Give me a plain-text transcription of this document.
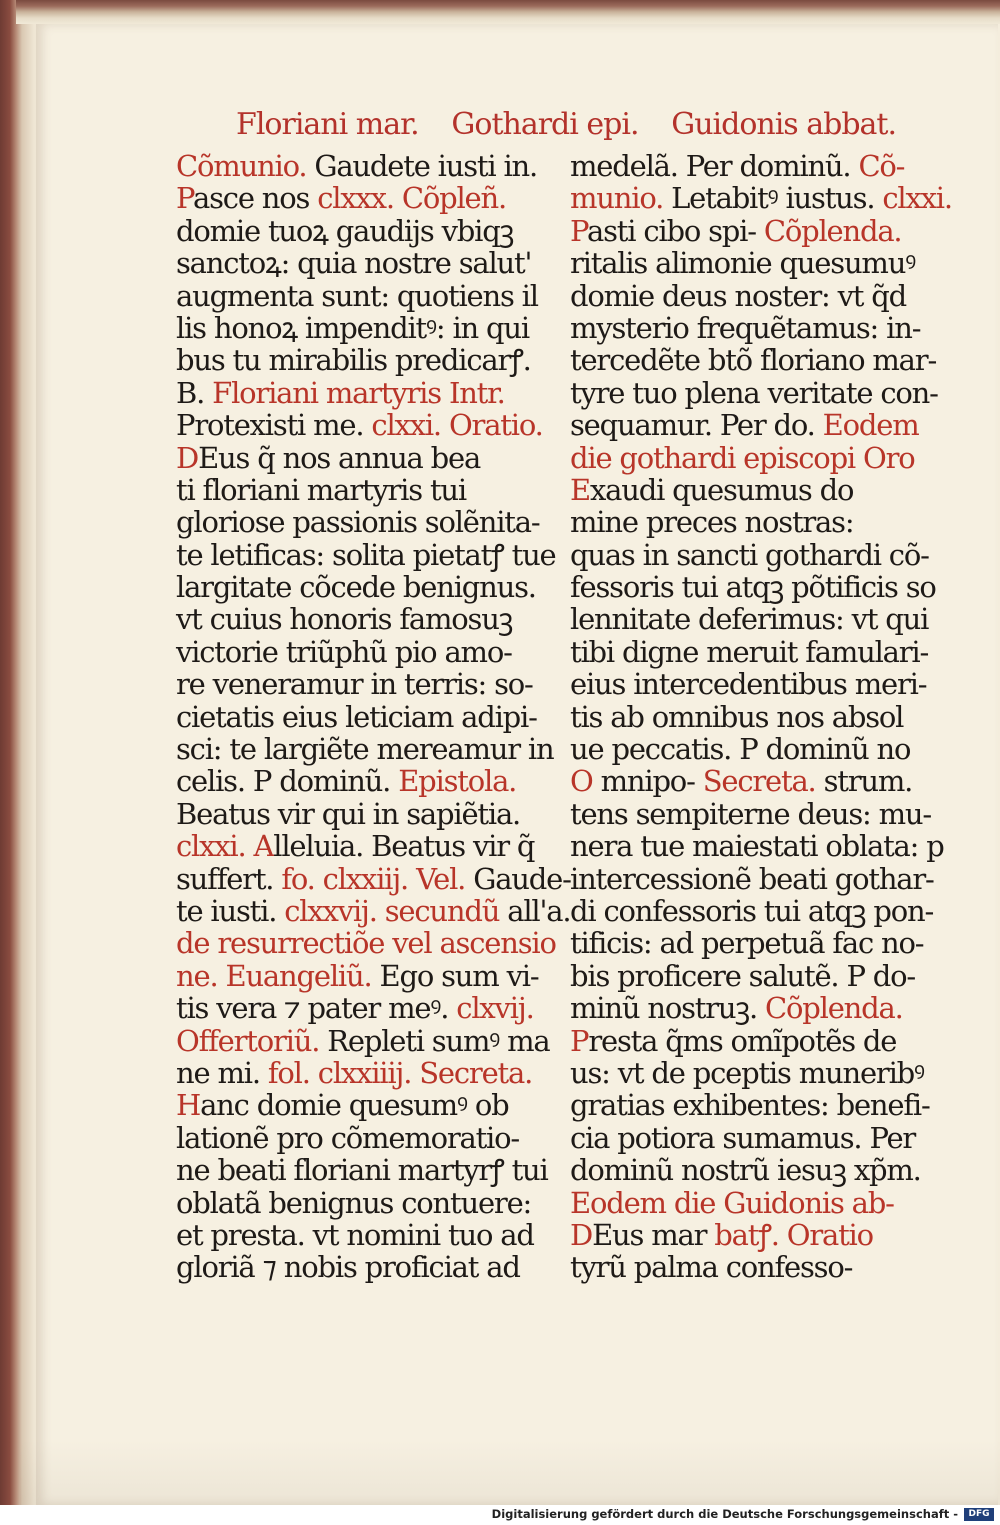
Floriani mar. Gothardi epi. Guidonis abbat.
Cõmunio. Gaudete iusti in.
Pasce nos clxxx. Cõpleñ.
domie tuoꝝ gaudijs vbiqꝫ
sanctoꝝ: quia nostre salut'
augmenta sunt: quotiens il
lis honoꝝ impenditꝰ: in qui
bus tu mirabilis predicarꝭ.
B. Floriani martyris Intr.
Protexisti me. clxxi. Oratio.
DEus q̃ nos annua bea
ti floriani martyris tui
gloriose passionis solẽnita-
te letificas: solita pietatꝭ tue
largitate cõcede benignus.
vt cuius honoris famosuꝫ
victorie triũphũ pio amo-
re veneramur in terris: so-
cietatis eius leticiam adipi-
sci: te largiẽte mereamur in
celis. P dominũ. Epistola.
Beatus vir qui in sapiẽtia.
clxxi. Alleluia. Beatus vir q̃
suffert. fo. clxxiij. Vel. Gaude-
te iusti. clxxvij. secundũ all'a.
de resurrectiõe vel ascensio
ne. Euangeliũ. Ego sum vi-
tis vera ⁊ pater meꝰ. clxvij.
Offertoriũ. Repleti sumꝰ ma
ne mi. fol. clxxiiij. Secreta.
Hanc domie quesumꝰ ob
lationẽ pro cõmemoratio-
ne beati floriani martyrꝭ tui
oblatã benignus contuere:
et presta. vt nomini tuo ad
gloriã ⁊ nobis proficiat ad
medelã. Per dominũ. Cõ-
munio. Letabitꝰ iustus. clxxi.
Pasti cibo spi- Cõplenda.
ritalis alimonie quesumuꝰ
domie deus noster: vt q̃d
mysterio frequẽtamus: in-
tercedẽte btõ floriano mar-
tyre tuo plena veritate con-
sequamur. Per do. Eodem
die gothardi episcopi Oro
Exaudi quesumus do
mine preces nostras:
quas in sancti gothardi cõ-
fessoris tui atqꝫ põtificis so
lennitate deferimus: vt qui
tibi digne meruit famulari-
eius intercedentibus meri-
tis ab omnibus nos absol
ue peccatis. P dominũ no
O mnipo- Secreta. strum.
tens sempiterne deus: mu-
nera tue maiestati oblata: p
intercessionẽ beati gothar-
di confessoris tui atqꝫ pon-
tificis: ad perpetuã fac no-
bis proficere salutẽ. P do-
minũ nostruꝫ. Cõplenda.
Presta q̃ms omĩpotẽs de
us: vt de pceptis muneribꝰ
gratias exhibentes: benefi-
cia potiora sumamus. Per
dominũ nostrũ iesuꝫ xp̃m.
Eodem die Guidonis ab-
DEus mar batꝭ. Oratio
tyrũ palma confesso-
Digitalisierung gefördert durch die Deutsche Forschungsgemeinschaft -	DFG
